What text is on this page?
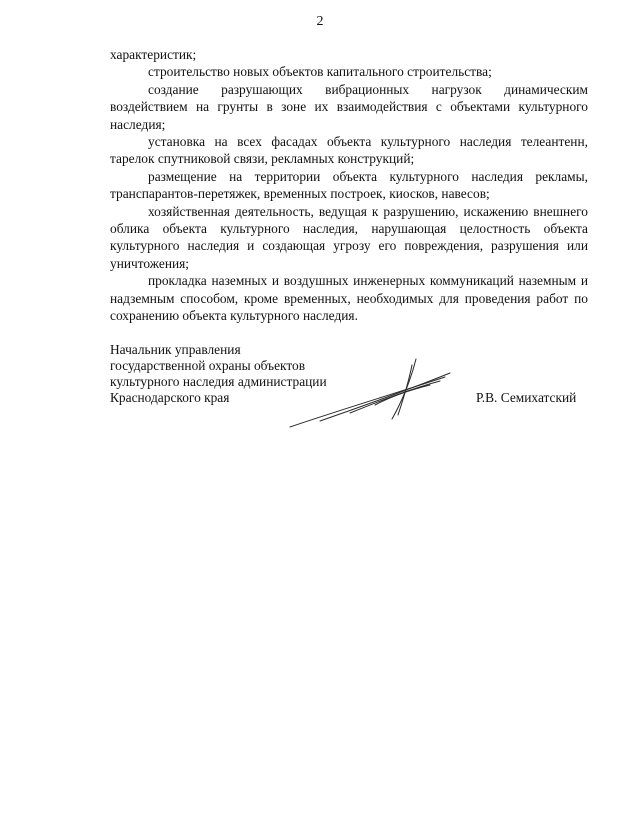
2

характеристик;

строительство новых объектов капитального строительства;

создание разрушающих вибрационных нагрузок динамическим воздействием на грунты в зоне их взаимодействия с объектами культурного наследия;

установка на всех фасадах объекта культурного наследия телеантенн, тарелок спутниковой связи, рекламных конструкций;

размещение на территории объекта культурного наследия рекламы, транспарантов-перетяжек, временных построек, киосков, навесов;

хозяйственная деятельность, ведущая к разрушению, искажению внешнего облика объекта культурного наследия, нарушающая целостность объекта культурного наследия и создающая угрозу его повреждения, разрушения или уничтожения;

прокладка наземных и воздушных инженерных коммуникаций наземным и надземным способом, кроме временных, необходимых для проведения работ по сохранению объекта культурного наследия.

Начальник управления
государственной охраны объектов
культурного наследия администрации
Краснодарского края	Р.В. Семихатский
